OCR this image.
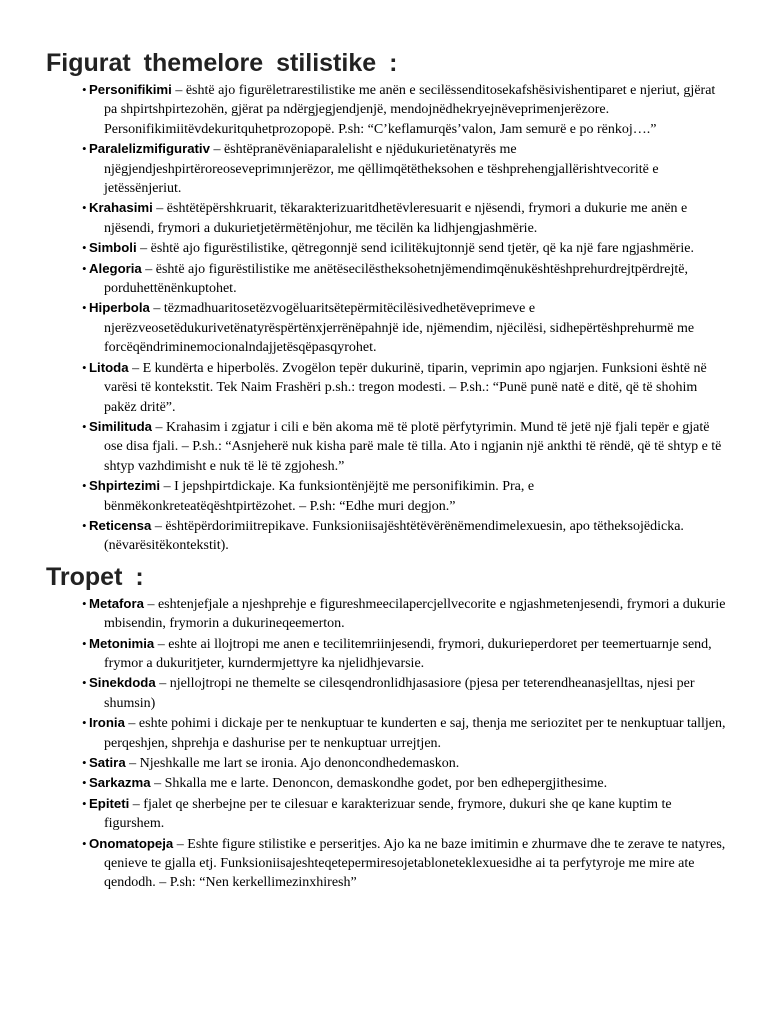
Figurat themelore stilistike :
• Personifikimi – është ajo figurëletrarestilistike me anën e secilëssenditosekafshësivishentiparet e njeriut, gjërat pa shpirtshpirtezohën, gjërat pa ndërgjegjendjenjë, mendojnëdhekryejnëveprimenjerëzore. Personifikimiitëvdekuritquhetprozopopë. P.sh: “C’keflamurqës’valon, Jam semurë e po rënkoj….”
• Paralelizmifigurativ – ështëpranëvëniaparalelisht e njëdukurietënatyrës me njëgjendjeshpirtëroreoseveprimınjerëzor, me qëllimqëtëtheksohen e tëshprehengjallërishtvecoritë e jetëssënjeriut.
• Krahasimi – ështëtëpërshkruarit, tëkarakterizuaritdhetëvleresuarit e njësendi, frymori a dukurie me anën e njësendi, frymori a dukurietjetërmëtënjohur, me tëcilën ka lidhjengjashmërie.
• Simboli – është ajo figurëstilistike, qëtregonnjë send icilitëkujtonnjë send tjetër, që ka një fare ngjashmërie.
• Alegoria – është ajo figurëstilistike me anëtësecilëstheksohetnjëmendimqënukështëshprehurdrejtpërdrejtë, porduhettënënkuptohet.
• Hiperbola – tëzmadhuaritosetëzvogëluaritsëtepërmitëcilësivedhetëveprimeve e njerëzveosetëdukurivetënatyrëspërtënxjerrënëpahnjë ide, njëmendim, njëcilësi, sidhepërtëshprehurmë me forcëqëndriminemocionalndajjetësqëpasqyrohet.
• Litoda – E kundërta e hiperbolës. Zvogëlon tepër dukurinë, tiparin, veprimin apo ngjarjen. Funksioni është në varësi të kontekstit. Tek Naim Frashëri p.sh.: tregon modesti. – P.sh.: “Punë punë natë e ditë, që të shohim pakëz dritë”.
• Similituda – Krahasim i zgjatur i cili e bën akoma më të plotë përfytyrimin. Mund të jetë një fjali tepër e gjatë ose disa fjali. – P.sh.: “Asnjeherë nuk kisha parë male të tilla. Ato i ngjanin një ankthi të rëndë, që të shtyp e të shtyp vazhdimisht e nuk të lë të zgjohesh.”
• Shpirtezimi – I jepshpirtdickaje. Ka funksiontënjëjtë me personifikimin. Pra, e bënmëkonkreteatëqështpirtëzohet. – P.sh: “Edhe muri degjon.”
• Reticensa – ështëpërdorimiitrepikave. Funksioniisajështëtëvërënëmendimelexuesin, apo tëtheksojëdicka. (nëvarësitëkontekstit).
Tropet :
• Metafora – eshtenjefjale a njeshprehje e figureshmeecilapercjellvecorite e ngjashmetenjesendi, frymori a dukurie mbisendin, frymorin a dukurineqeemerton.
• Metonimia – eshte ai llojtropi me anen e tecilitemriinjesendi, frymori, dukurieperdoret per teemertuarnje send, frymor a dukuritjeter, kurndermjettyre ka njelidhjevarsie.
• Sinekdoda – njellojtropi ne themelte se cilesqendronlidhjasasiore (pjesa per teterendheanasjelltas, njesi per shumsin)
• Ironia – eshte pohimi i dickaje per te nenkuptuar te kunderten e saj, thenja me seriozitet per te nenkuptuar talljen, perqeshjen, shprehja e dashurise per te nenkuptuar urrejtjen.
• Satira – Njeshkalle me lart se ironia. Ajo denoncondhedemaskon.
• Sarkazma – Shkalla me e larte. Denoncon, demaskondhe godet, por ben edhepergjithesime.
• Epiteti – fjalet qe sherbejne per te cilesuar e karakterizuar sende, frymore, dukuri she qe kane kuptim te figurshem.
• Onomatopeja – Eshte figure stilistike e perseritjes. Ajo ka ne baze imitimin e zhurmave dhe te zerave te natyres, qenieve te gjalla etj. Funksioniisajeshteqetepermiresojetabloneteklexuesidhe ai ta perfytyroje me mire ate qendodh. – P.sh: “Nen kerkellimezinxhiresh”
